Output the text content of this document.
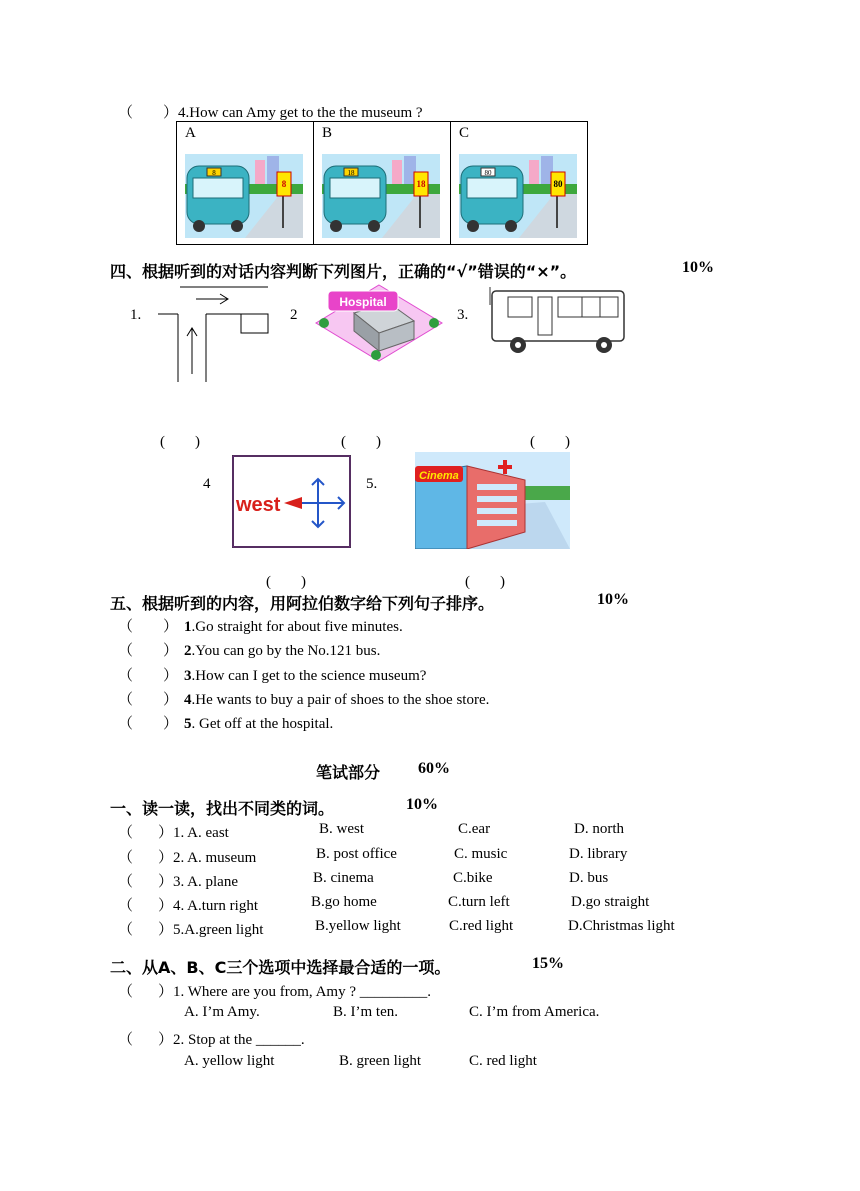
（　　）4.How can Amy get to the the museum ?
A
8
8
B
18
18
C
80
80
四、根据听到的对话内容判断下列图片，正确的“√”错误的“×”。	10%
1.	2
Hospital
3.
(　　)	(　　)	(　　)
4
west
5.	Cinema
(　　)	(　　)
五、根据听到的内容，用阿拉伯数字给下列句子排序。	10%
（ ） 1.Go straight for about five minutes.
（ ） 2.You can go by the No.121 bus.
（ ） 3.How can I get to the science museum?
（ ） 4.He wants to buy a pair of shoes to the shoe store.
（ ） 5. Get off at the hospital.
笔试部分 60%
一、读一读，找出不同类的词。	10%
（ ）1. A. east	B. west	C.ear	D. north
（ ）2. A. museum	B. post office	C. music	D. library
（ ）3. A. plane	B. cinema	C.bike	D. bus
（ ）4. A.turn right	B.go home	C.turn left	D.go straight
（ ）5.A.green light	B.yellow light	C.red light	D.Christmas light
二、从A、B、C三个选项中选择最合适的一项。	15%
（ ）1. Where are you from, Amy ? _________.
A. I’m Amy.	B. I’m ten.	C. I’m from America.
（ ）2. Stop at the ______.
A. yellow light	B. green light	C. red light
